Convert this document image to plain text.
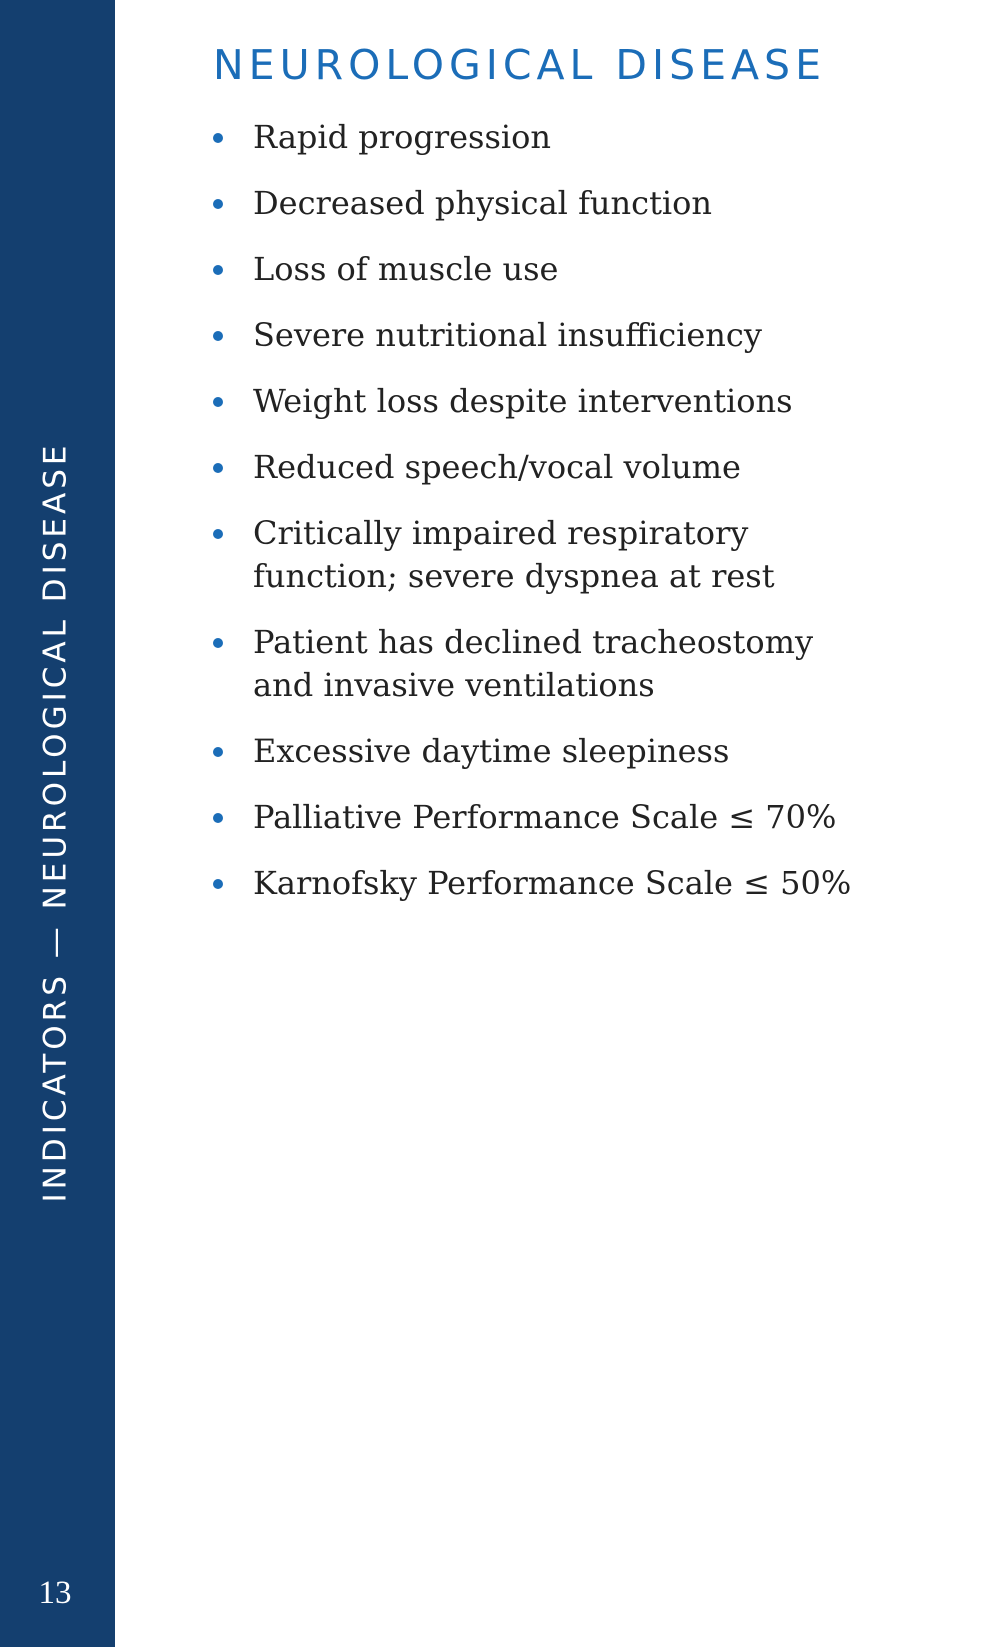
INDICATORS — NEUROLOGICAL DISEASE
13
NEUROLOGICAL DISEASE
Rapid progression
Decreased physical function
Loss of muscle use
Severe nutritional insufficiency
Weight loss despite interventions
Reduced speech/vocal volume
Critically impaired respiratory function; severe dyspnea at rest
Patient has declined tracheostomy and invasive ventilations
Excessive daytime sleepiness
Palliative Performance Scale ≤ 70%
Karnofsky Performance Scale ≤ 50%
